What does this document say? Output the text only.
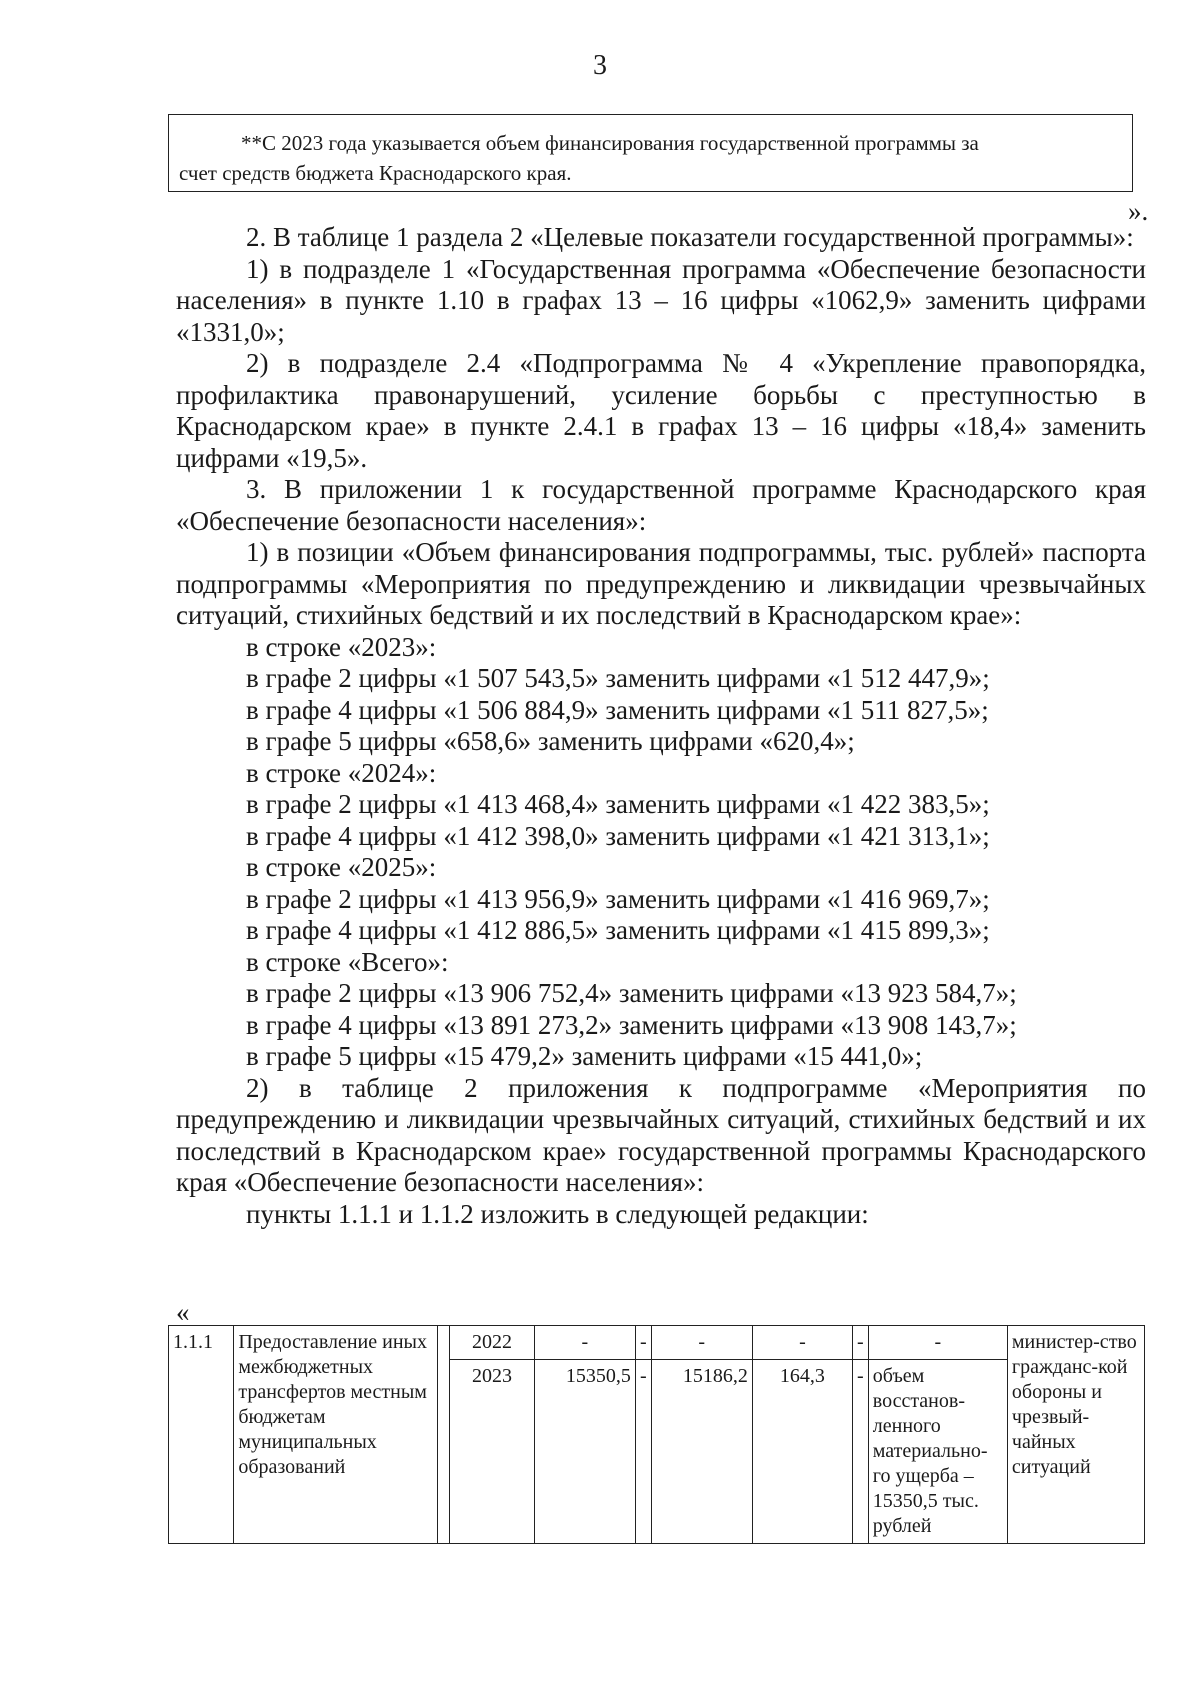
3
**С 2023 года указывается объем финансирования государственной программы за
счет средств бюджета Краснодарского края.
».

2. В таблице 1 раздела 2 «Целевые показатели государственной программы»:

1) в подразделе 1 «Государственная программа «Обеспечение безопасности населения» в пункте 1.10 в графах 13 – 16 цифры «1062,9» заменить цифрами «1331,0»;

2) в подразделе 2.4 «Подпрограмма № 4 «Укрепление правопорядка, профилактика правонарушений, усиление борьбы с преступностью в Краснодарском крае» в пункте 2.4.1 в графах 13 – 16 цифры «18,4» заменить цифрами «19,5».

3. В приложении 1 к государственной программе Краснодарского края «Обеспечение безопасности населения»:

1) в позиции «Объем финансирования подпрограммы, тыс. рублей» паспорта подпрограммы «Мероприятия по предупреждению и ликвидации чрезвычайных ситуаций, стихийных бедствий и их последствий в Краснодарском крае»:

в строке «2023»:

в графе 2 цифры «1 507 543,5» заменить цифрами «1 512 447,9»;

в графе 4 цифры «1 506 884,9» заменить цифрами «1 511 827,5»;

в графе 5 цифры «658,6» заменить цифрами «620,4»;

в строке «2024»:

в графе 2 цифры «1 413 468,4» заменить цифрами «1 422 383,5»;

в графе 4 цифры «1 412 398,0» заменить цифрами «1 421 313,1»;

в строке «2025»:

в графе 2 цифры «1 413 956,9» заменить цифрами «1 416 969,7»;

в графе 4 цифры «1 412 886,5» заменить цифрами «1 415 899,3»;

в строке «Всего»:

в графе 2 цифры «13 906 752,4» заменить цифрами «13 923 584,7»;

в графе 4 цифры «13 891 273,2» заменить цифрами «13 908 143,7»;

в графе 5 цифры «15 479,2» заменить цифрами «15 441,0»;

2) в таблице 2 приложения к подпрограмме «Мероприятия по предупреждению и ликвидации чрезвычайных ситуаций, стихийных бедствий и их последствий в Краснодарском крае» государственной программы Краснодарского края «Обеспечение безопасности населения»:

пункты 1.1.1 и 1.1.2 изложить в следующей редакции:

«
1.1.1	Предоставление иных межбюджетных трансфертов местным бюджетам муниципальных образований		2022	-	-	-	-	-	-	министер-ство гражданс-кой обороны и чрезвый-чайных ситуаций
			2023	15350,5	-	15186,2	164,3	-	объем восстанов-ленного материально-го ущерба – 15350,5 тыс. рублей	
